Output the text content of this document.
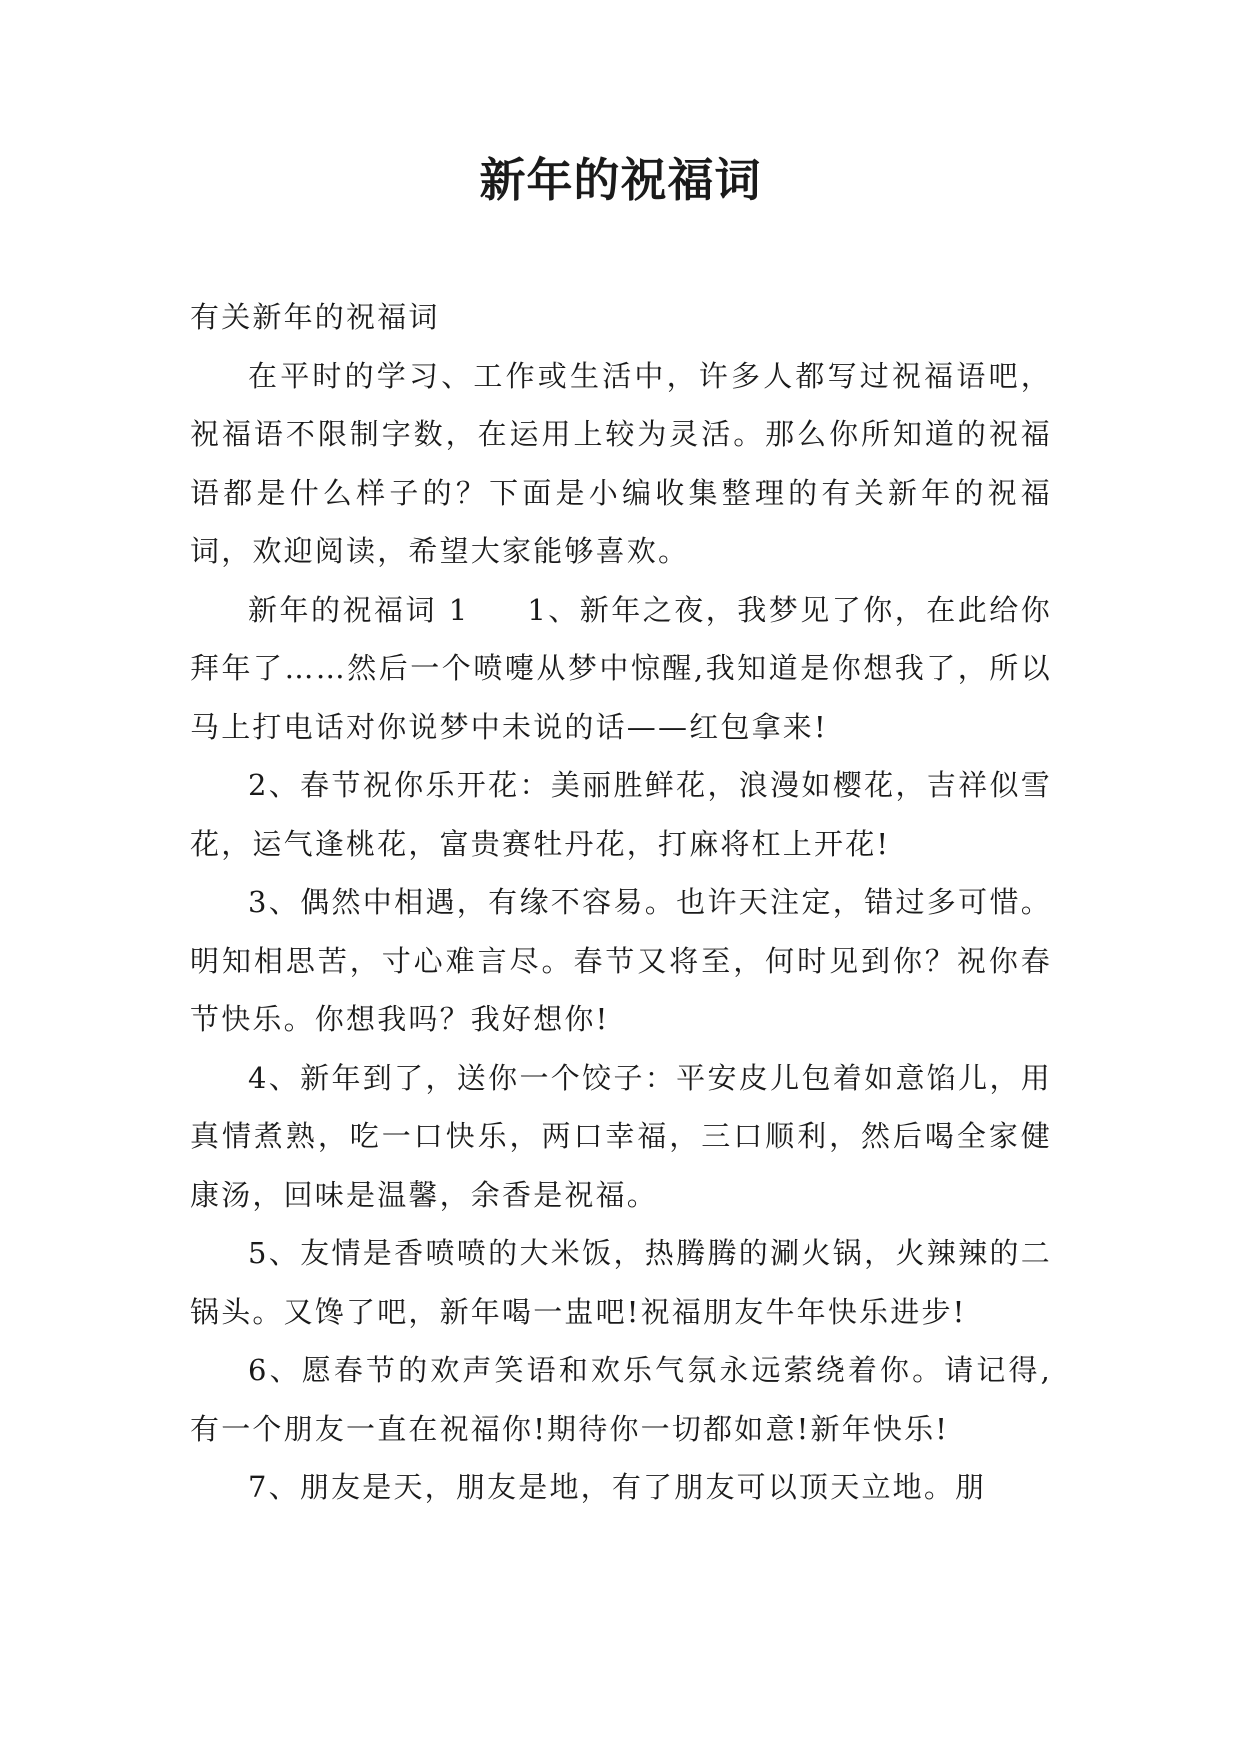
新年的祝福词

有关新年的祝福词

在平时的学习、工作或生活中，许多人都写过祝福语吧，祝福语不限制字数，在运用上较为灵活。那么你所知道的祝福语都是什么样子的？下面是小编收集整理的有关新年的祝福词，欢迎阅读，希望大家能够喜欢。

新年的祝福词 1 1、新年之夜，我梦见了你，在此给你拜年了……然后一个喷嚏从梦中惊醒,我知道是你想我了，所以马上打电话对你说梦中未说的话——红包拿来!

2、春节祝你乐开花：美丽胜鲜花，浪漫如樱花，吉祥似雪花，运气逢桃花，富贵赛牡丹花，打麻将杠上开花!

3、偶然中相遇，有缘不容易。也许天注定，错过多可惜。明知相思苦，寸心难言尽。春节又将至，何时见到你？祝你春节快乐。你想我吗？我好想你!

4、新年到了，送你一个饺子：平安皮儿包着如意馅儿，用真情煮熟，吃一口快乐，两口幸福，三口顺利，然后喝全家健康汤，回味是温馨，余香是祝福。

5、友情是香喷喷的大米饭，热腾腾的涮火锅，火辣辣的二锅头。又馋了吧，新年喝一盅吧!祝福朋友牛年快乐进步!

6、愿春节的欢声笑语和欢乐气氛永远萦绕着你。请记得,有一个朋友一直在祝福你!期待你一切都如意!新年快乐!

7、朋友是天，朋友是地，有了朋友可以顶天立地。朋
